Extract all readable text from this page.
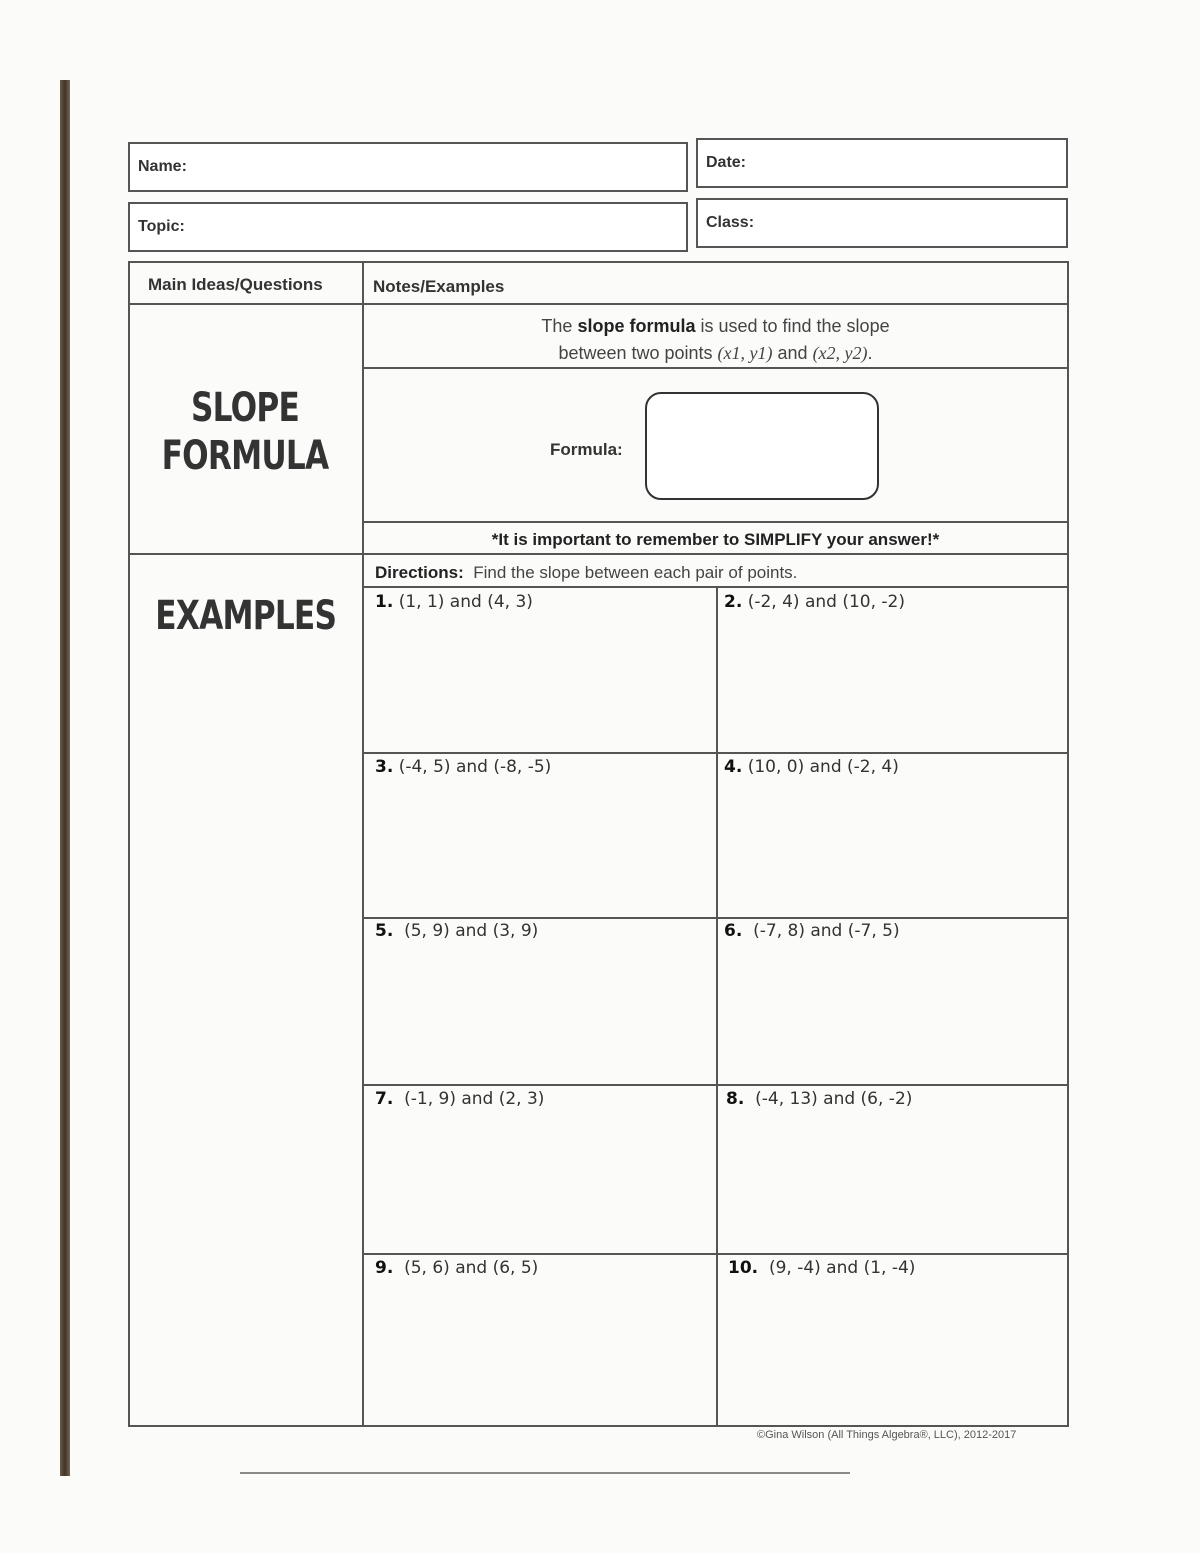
Name:	Date:
Topic:	Class:
Main Ideas/Questions	Notes/Examples
SLOPE
FORMULA
The slope formula is used to find the slope
between two points (x1, y1) and (x2, y2).
Formula:
*It is important to remember to SIMPLIFY your answer!*
EXAMPLES
Directions: Find the slope between each pair of points.
1. (1, 1) and (4, 3)	2. (-2, 4) and (10, -2)
3. (-4, 5) and (-8, -5)	4. (10, 0) and (-2, 4)
5. (5, 9) and (3, 9)	6. (-7, 8) and (-7, 5)
7. (-1, 9) and (2, 3)	8. (-4, 13) and (6, -2)
9. (5, 6) and (6, 5)	10. (9, -4) and (1, -4)
©Gina Wilson (All Things Algebra®, LLC), 2012-2017
